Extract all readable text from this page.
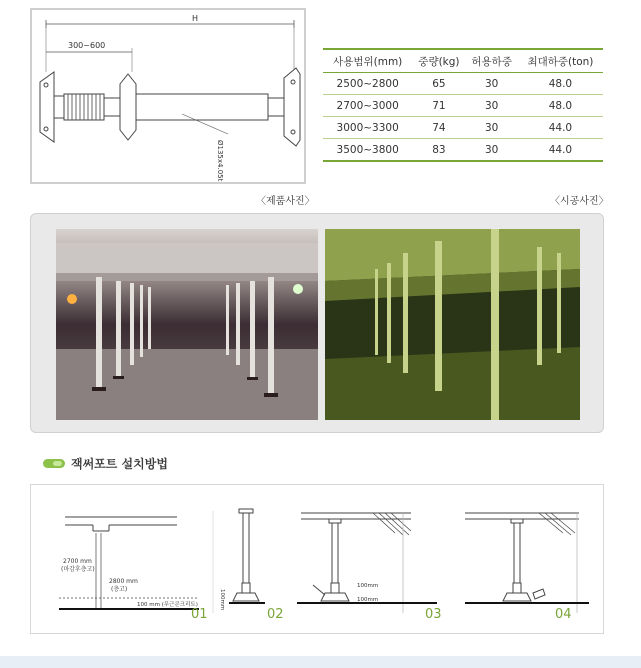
H
300~600
Ø135x4.05t
〈제품사진〉
사용범위(mm)	중량(kg)	허용하중	최대하중(ton)
2500~2800	65	30	48.0
2700~3000	71	30	48.0
3000~3300	74	30	44.0
3500~3800	83	30	44.0
〈시공사진〉
잭써포트 설치방법
2700 mm
(마감후층고)
2800 mm
(층고)
100 mm (무근콘크리트)
01
100mm
02
100mm
100mm
03	04
